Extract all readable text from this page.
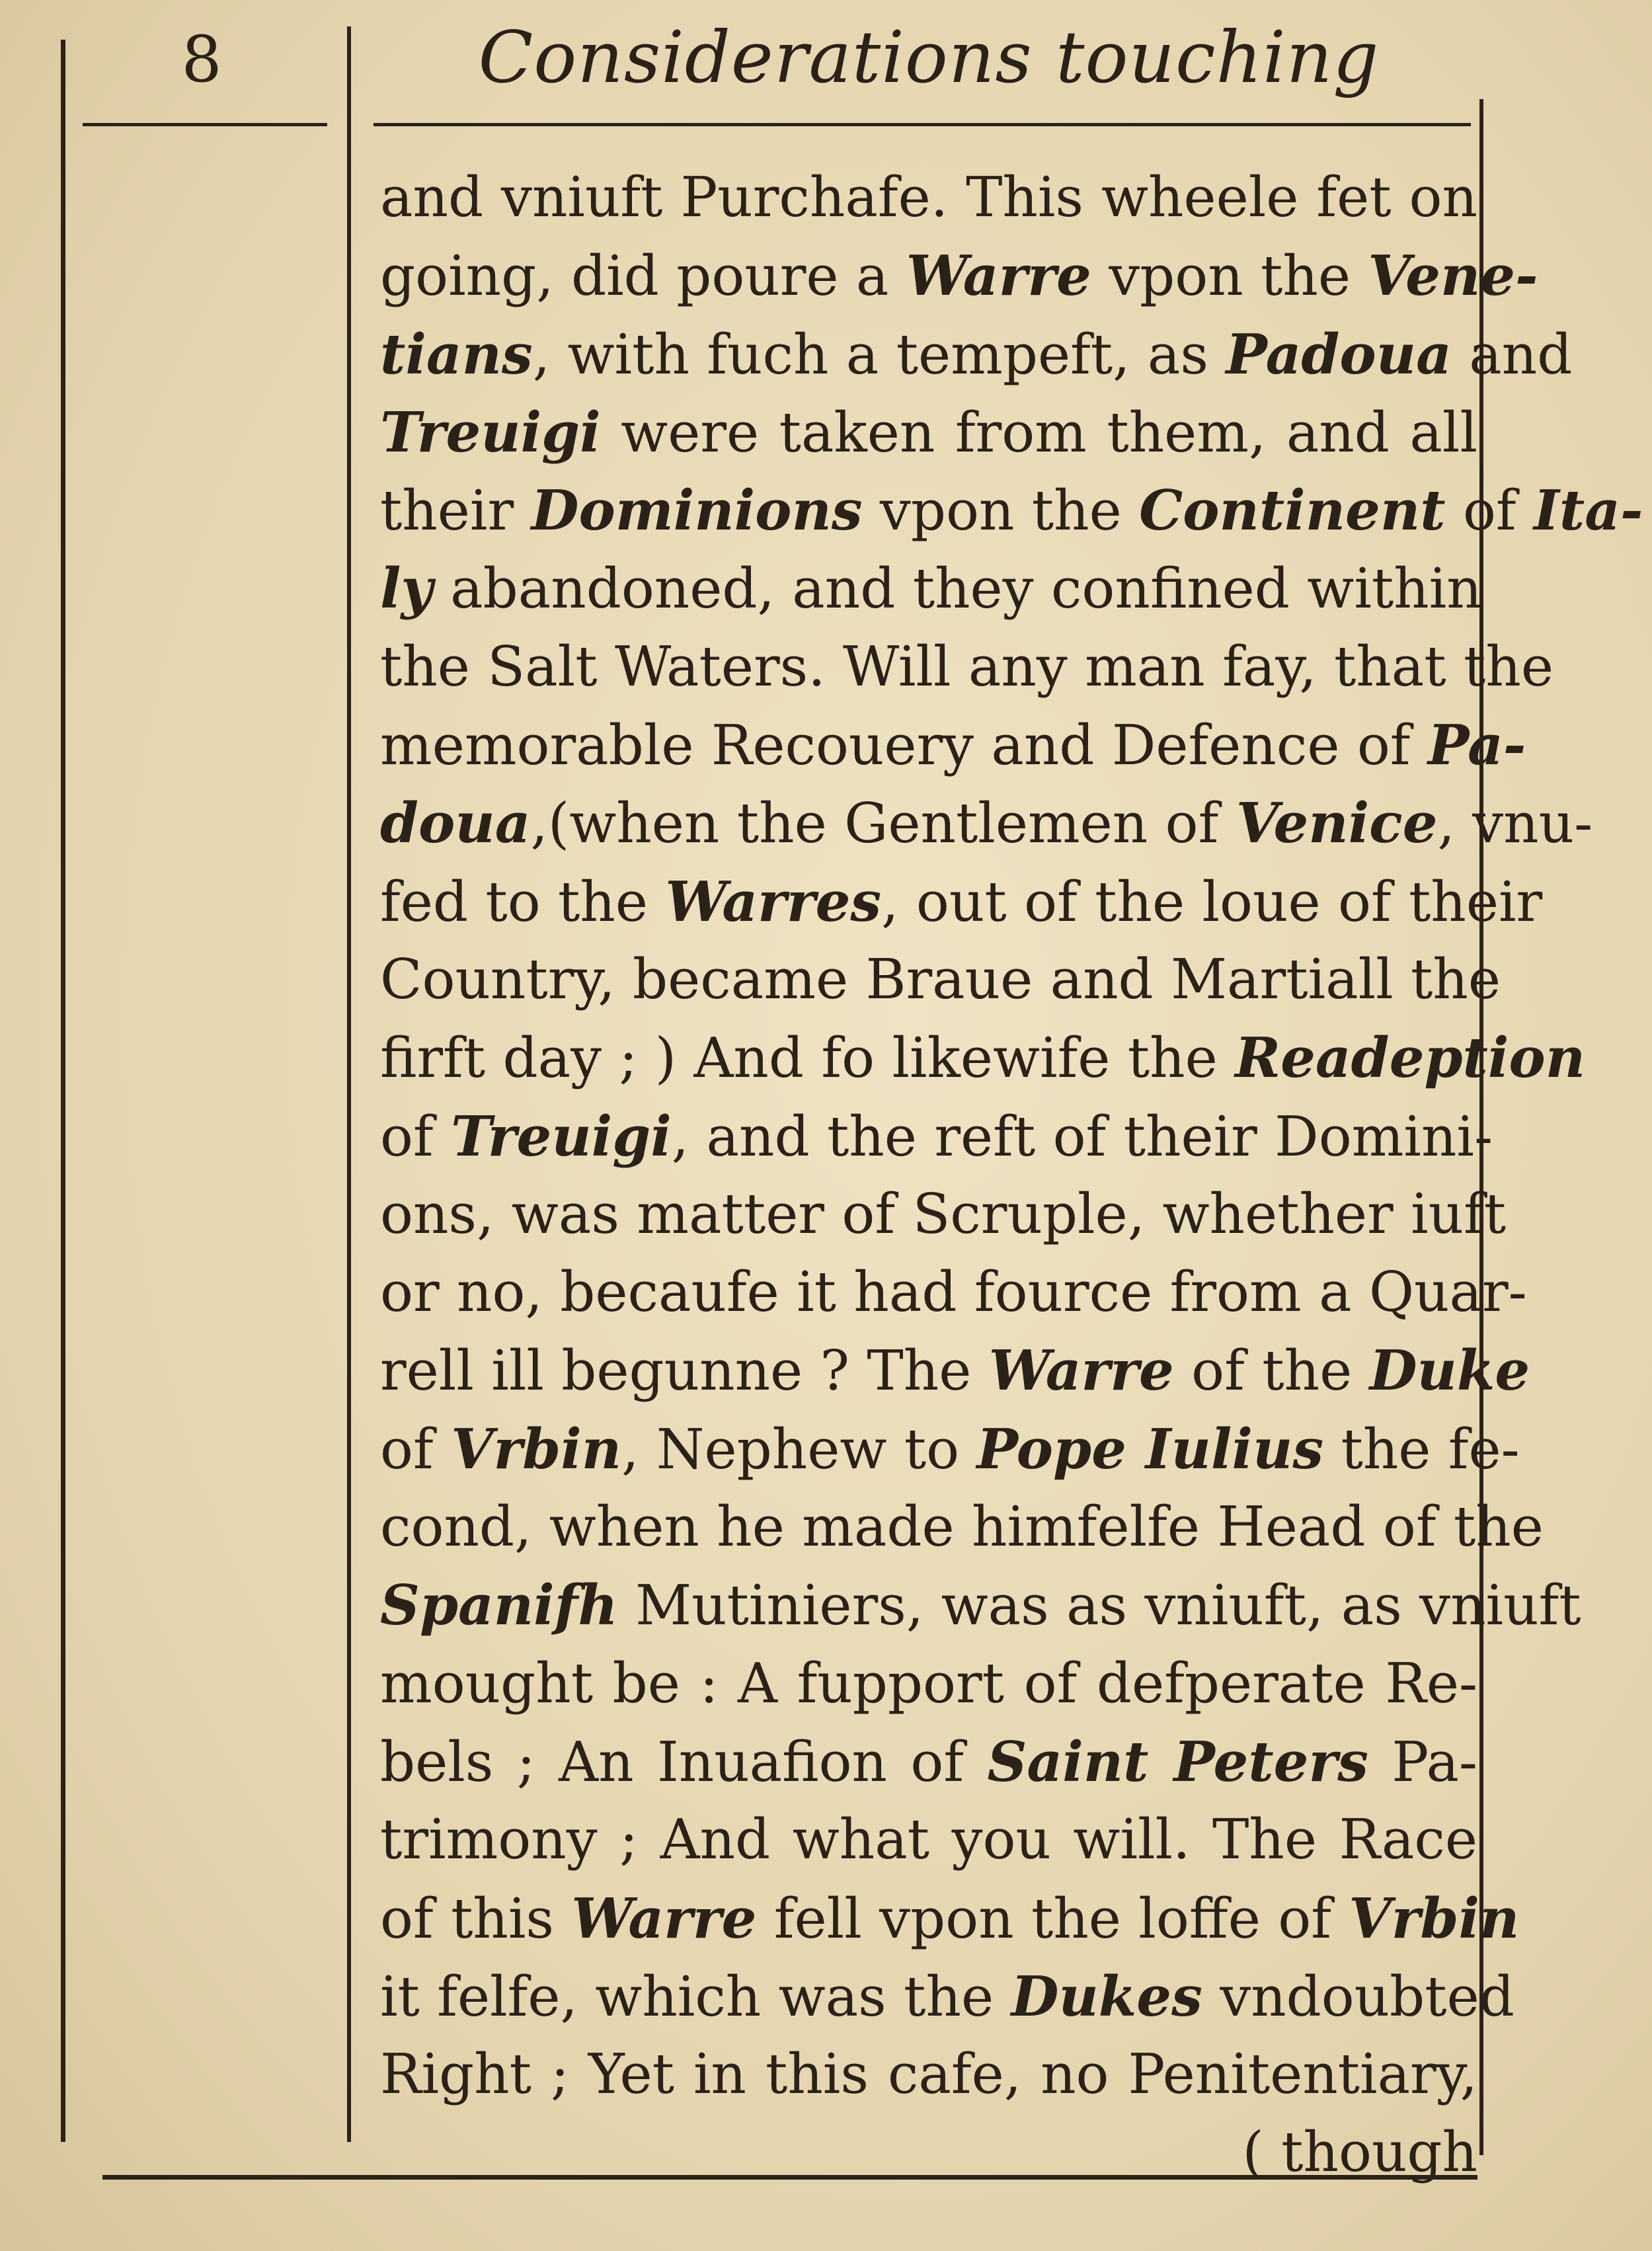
8	Considerations touching
and vniuft Purchafe. This wheele fet on
going, did poure a Warre vpon the Vene-
tians, with fuch a tempeft, as Padoua and
Treuigi were taken from them, and all
their Dominions vpon the Continent of Ita-
ly abandoned, and they confined within
the Salt Waters. Will any man fay, that the
memorable Recouery and Defence of Pa-
doua,(when the Gentlemen of Venice, vnu-
fed to the Warres, out of the loue of their
Country, became Braue and Martiall the
firft day ; ) And fo likewife the Readeption
of Treuigi, and the reft of their Domini-
ons, was matter of Scruple, whether iuft
or no, becaufe it had fource from a Quar-
rell ill begunne ? The Warre of the Duke
of Vrbin, Nephew to Pope Iulius the fe-
cond, when he made himfelfe Head of the
Spanifh Mutiniers, was as vniuft, as vniuft
mought be : A fupport of defperate Re-
bels ; An Inuafion of Saint Peters Pa-
trimony ; And what you will. The Race
of this Warre fell vpon the loffe of Vrbin
it felfe, which was the Dukes vndoubted
Right ; Yet in this cafe, no Penitentiary,
( though
